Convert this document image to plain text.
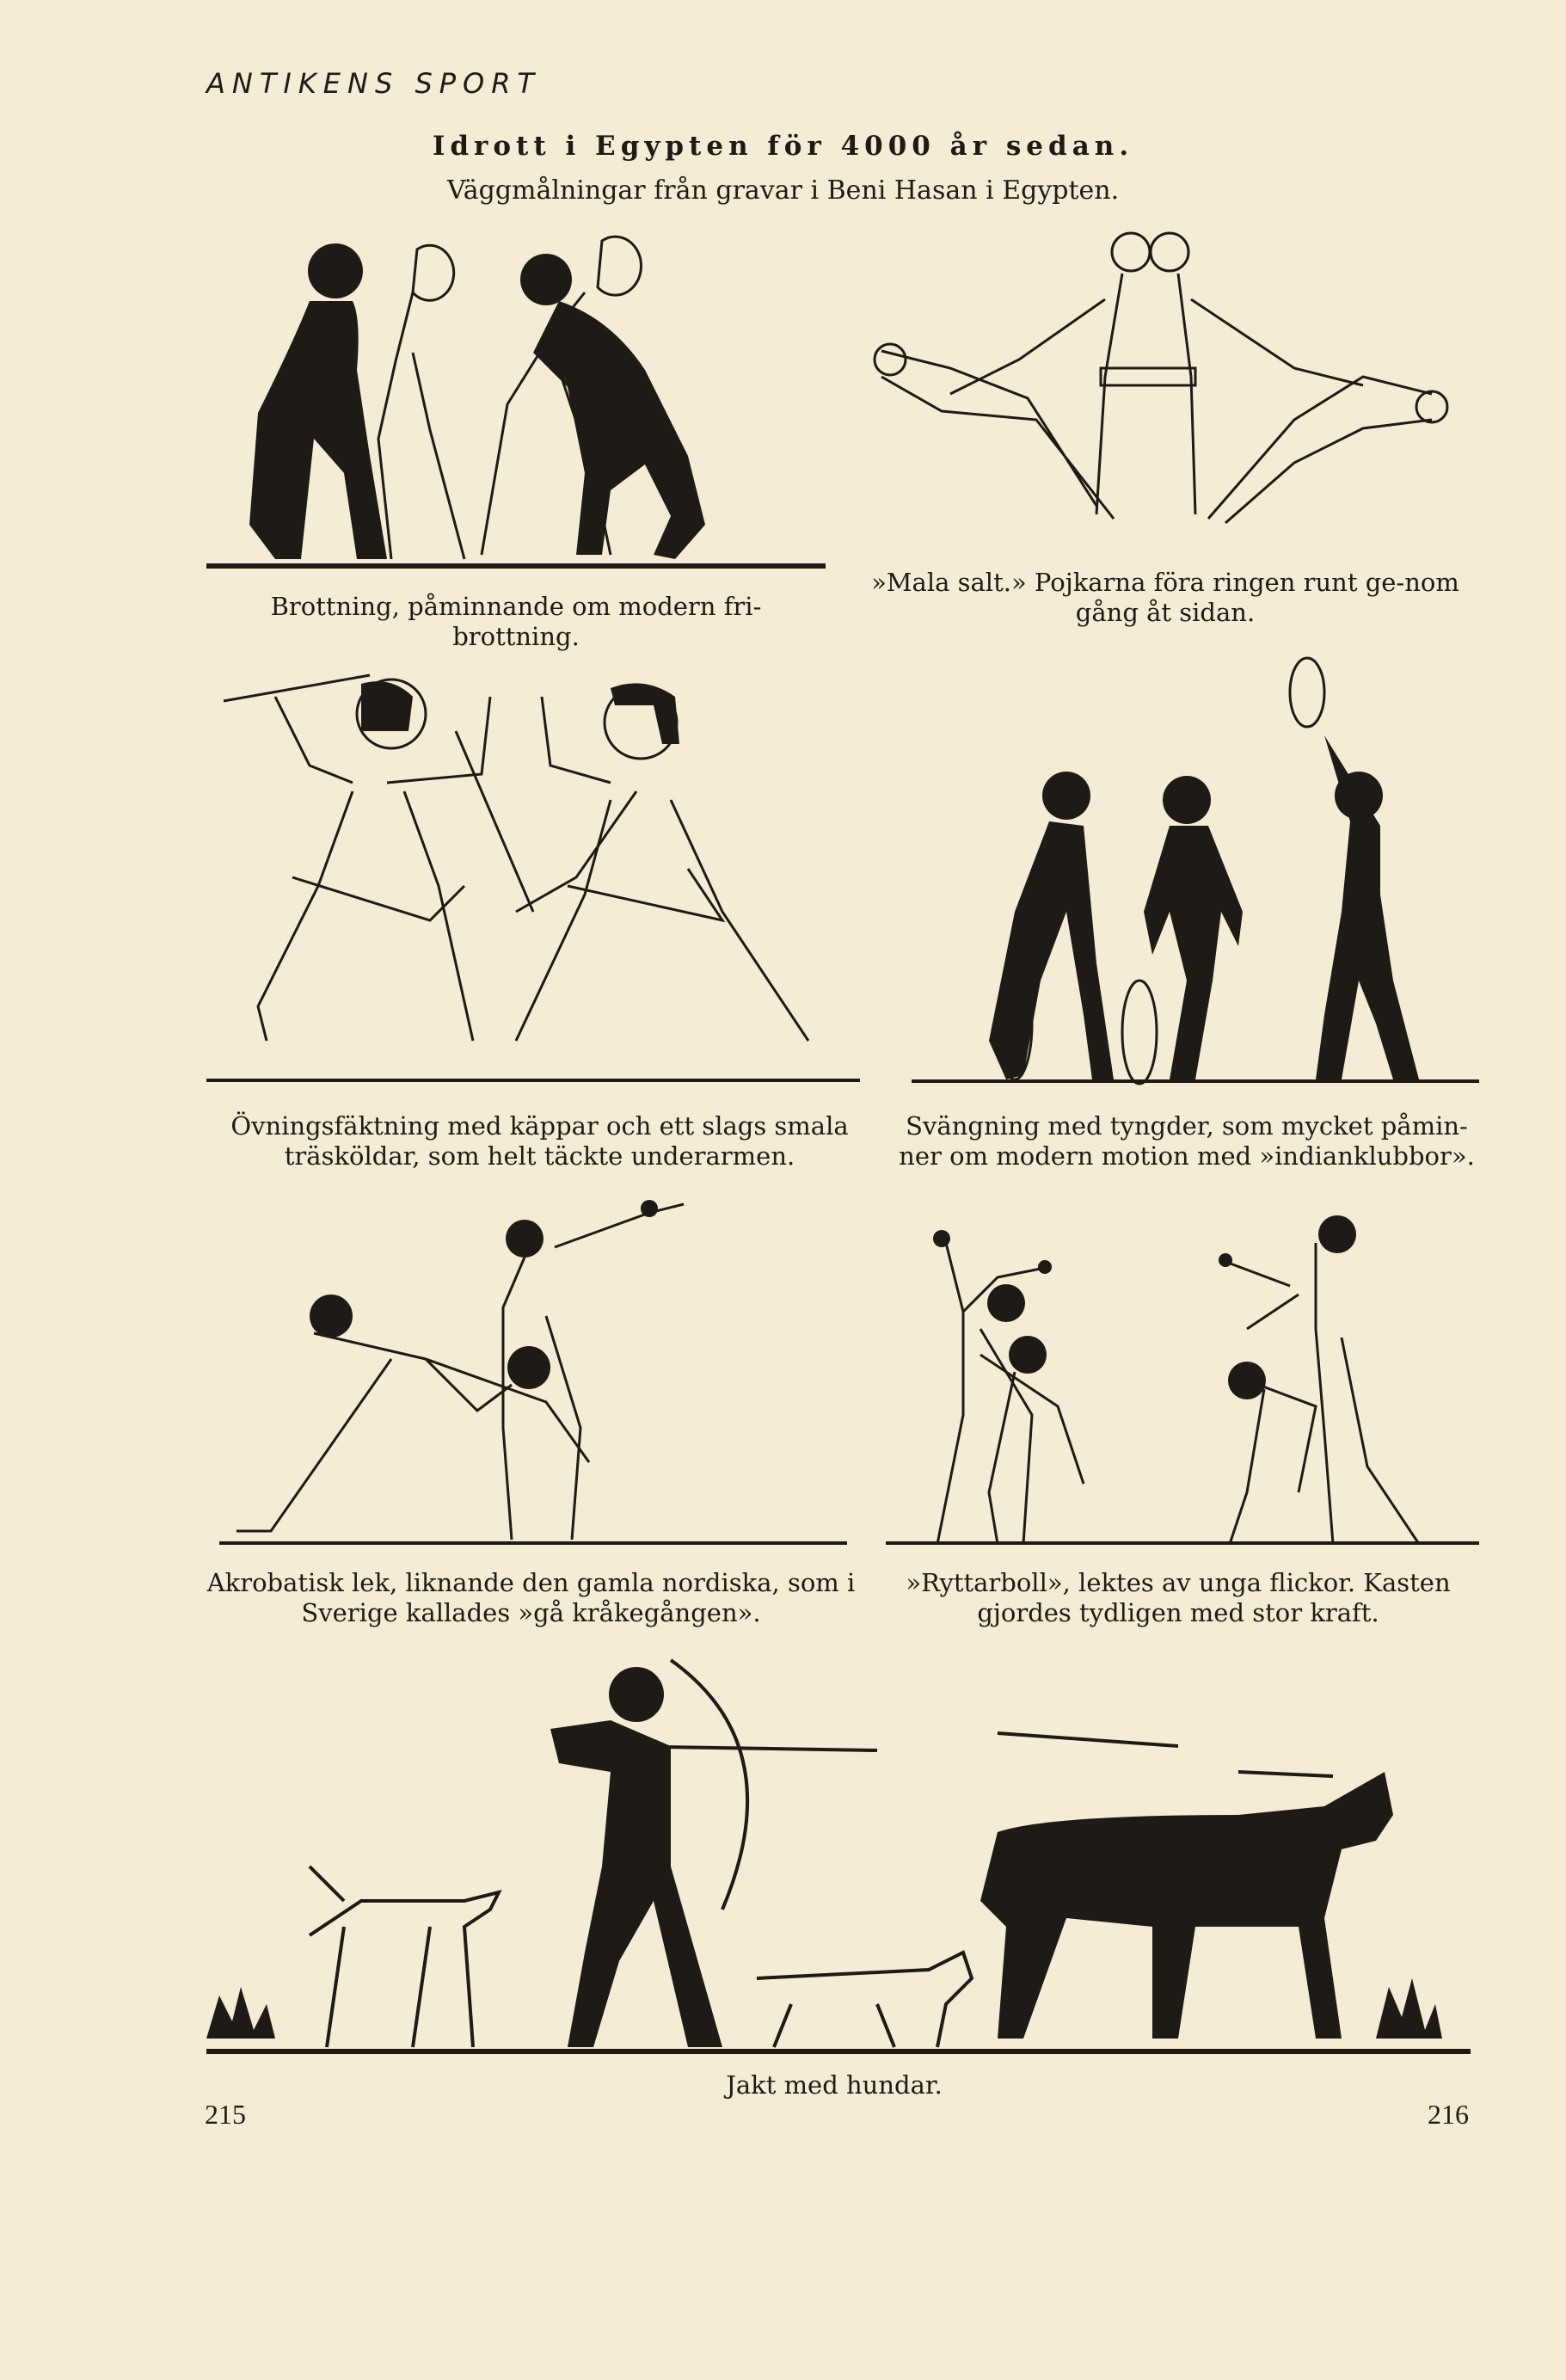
ANTIKENS SPORT
Idrott i Egypten för 4000 år sedan.
Väggmålningar från gravar i Beni Hasan i Egypten.
Brottning, påminnande om modern fri-brottning.
»Mala salt.» Pojkarna föra ringen runt ge-nom gång åt sidan.
Övningsfäktning med käppar och ett slags smala träsköldar, som helt täckte underarmen.
Svängning med tyngder, som mycket påmin-ner om modern motion med »indianklubbor».
Akrobatisk lek, liknande den gamla nordiska, som i Sverige kallades »gå kråkegången».
»Ryttarboll», lektes av unga flickor. Kasten gjordes tydligen med stor kraft.
Jakt med hundar.
215	216
